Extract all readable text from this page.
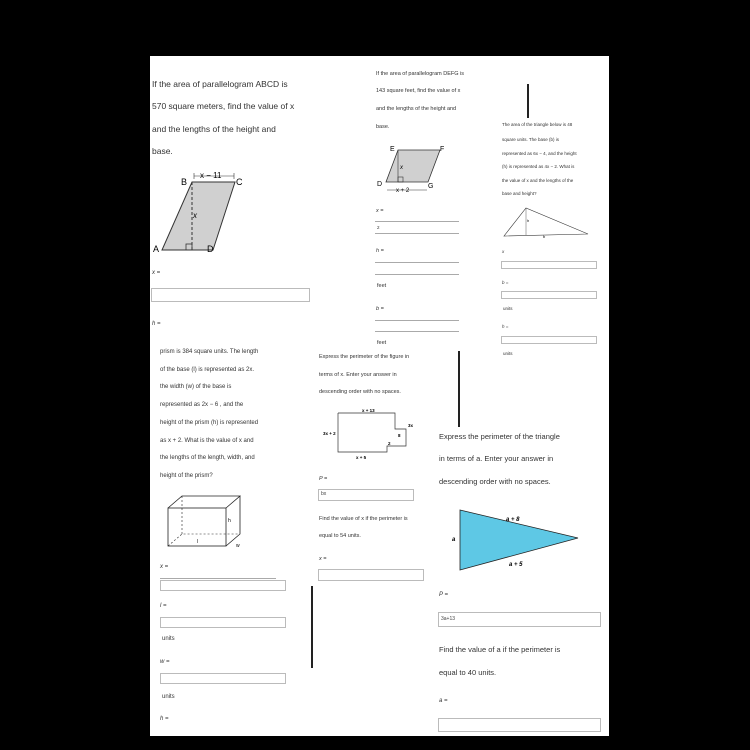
If the area of parallelogram ABCD is
570 square meters, find the value of x
and the lengths of the height and
base.
x − 11
x
B	C
A	D
x =
h =
If the area of parallelogram DEFG is
143 square feet, find the value of x
and the lengths of the height and
base.
x
E	F
D	G
x + 2
x =
2
h =
feet
b =
feet
The area of the triangle below is 48
square units. The base (b) is
represented as 6x − 4, and the height
(h) is represented as 4x − 2. What is
the value of x and the lengths of the
base and height?
h
b
x
b =
units
h =
units
prism is 384 square units. The length
of the base (l) is represented as 2x.
the width (w) of the base is
represented as 2x − 6 , and the
height of the prism (h) is represented
as x + 2. What is the value of x and
the lengths of the length, width, and
height of the prism?
h
l
w
x =
l =
units
w =
units
h =
Express the perimeter of the figure in
terms of x. Enter your answer in
descending order with no spaces.
x + 13
3x + 2
3x
8
2
x + 5
P =
bx
Find the value of x if the perimeter is
equal to 54 units.
x =
Express the perimeter of the triangle
in terms of a. Enter your answer in
descending order with no spaces.
a + 8
a
a + 5
P =
3a+13
Find the value of a if the perimeter is
equal to 40 units.
a =
